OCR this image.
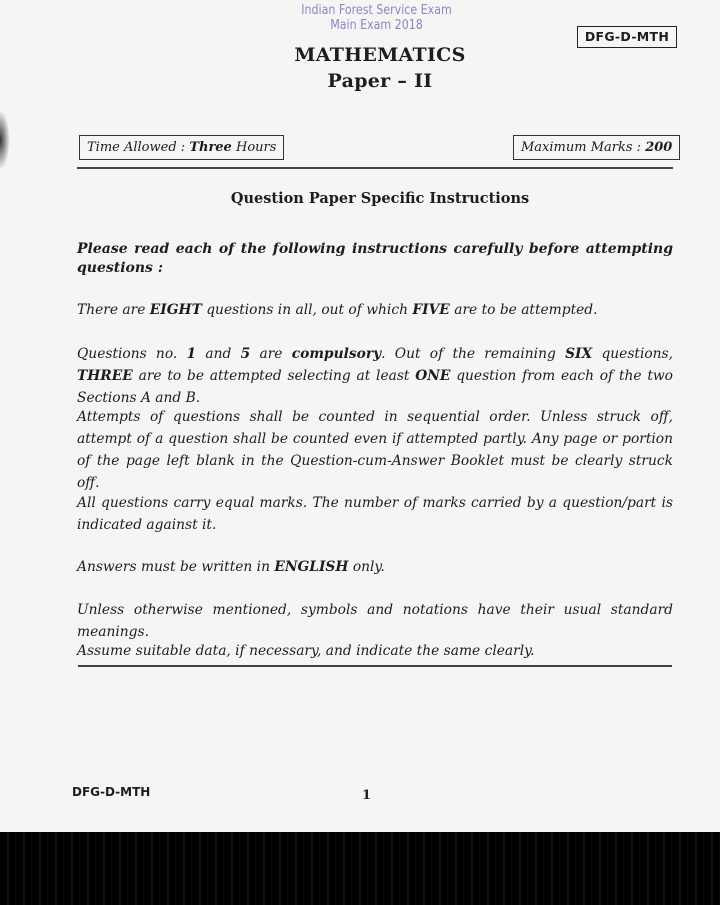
Indian Forest Service Exam Main Exam 2018
DFG-D-MTH
MATHEMATICS
Paper – II
Time Allowed : Three Hours	Maximum Marks : 200
Question Paper Specific Instructions
Please read each of the following instructions carefully before attempting questions :
There are EIGHT questions in all, out of which FIVE are to be attempted.
Questions no. 1 and 5 are compulsory. Out of the remaining SIX questions, THREE are to be attempted selecting at least ONE question from each of the two Sections A and B.
Attempts of questions shall be counted in sequential order. Unless struck off, attempt of a question shall be counted even if attempted partly. Any page or portion of the page left blank in the Question-cum-Answer Booklet must be clearly struck off.
All questions carry equal marks. The number of marks carried by a question/part is indicated against it.
Answers must be written in ENGLISH only.
Unless otherwise mentioned, symbols and notations have their usual standard meanings.
Assume suitable data, if necessary, and indicate the same clearly.
DFG-D-MTH	1
